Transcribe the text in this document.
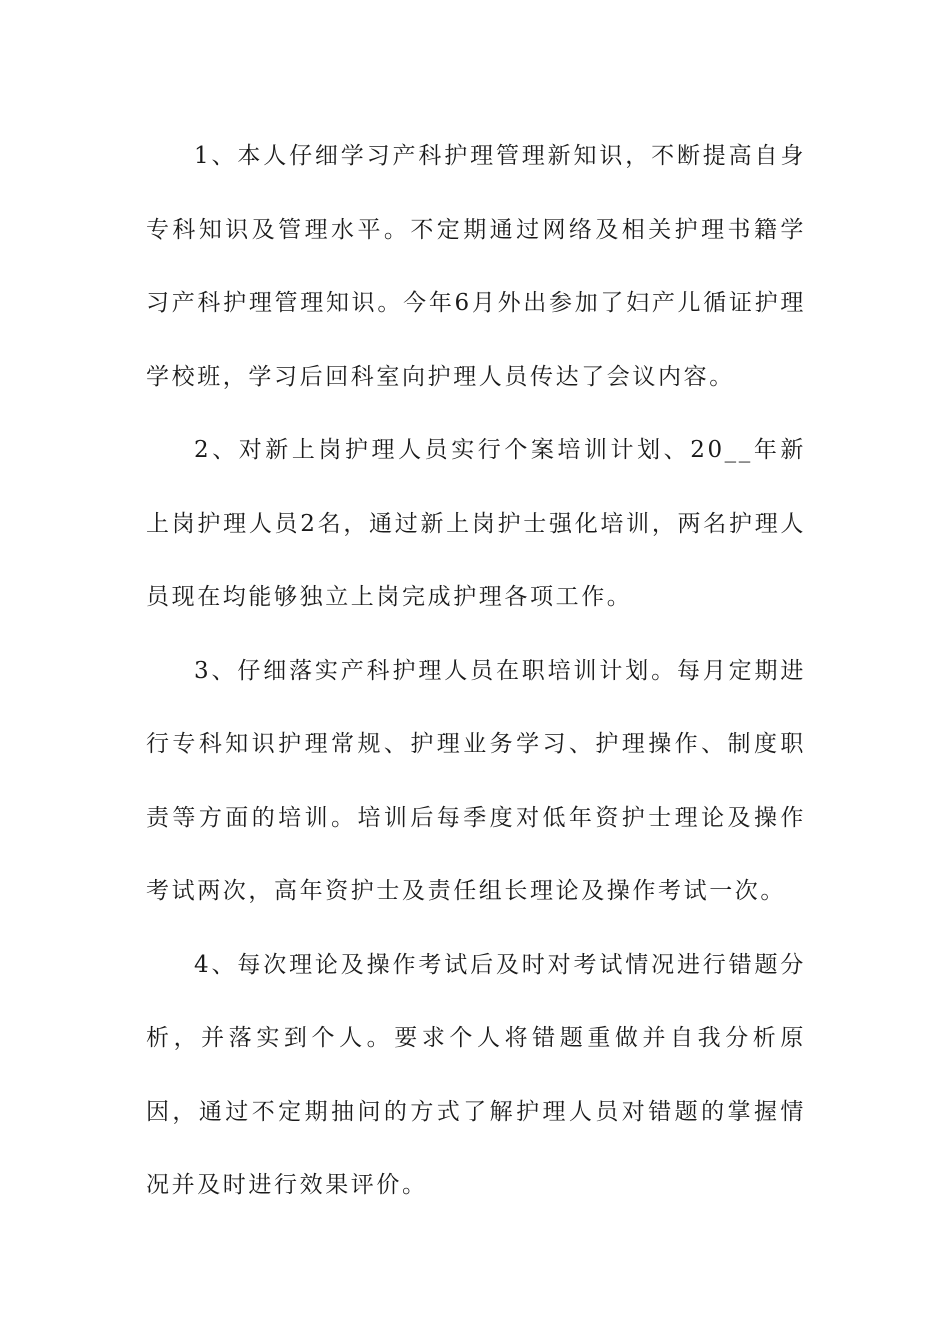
1、本人仔细学习产科护理管理新知识，不断提高自身专科知识及管理水平。不定期通过网络及相关护理书籍学习产科护理管理知识。今年6月外出参加了妇产儿循证护理学校班，学习后回科室向护理人员传达了会议内容。

2、对新上岗护理人员实行个案培训计划、20__年新上岗护理人员2名，通过新上岗护士强化培训，两名护理人员现在均能够独立上岗完成护理各项工作。

3、仔细落实产科护理人员在职培训计划。每月定期进行专科知识护理常规、护理业务学习、护理操作、制度职责等方面的培训。培训后每季度对低年资护士理论及操作考试两次，高年资护士及责任组长理论及操作考试一次。

4、每次理论及操作考试后及时对考试情况进行错题分析，并落实到个人。要求个人将错题重做并自我分析原因，通过不定期抽问的方式了解护理人员对错题的掌握情况并及时进行效果评价。
